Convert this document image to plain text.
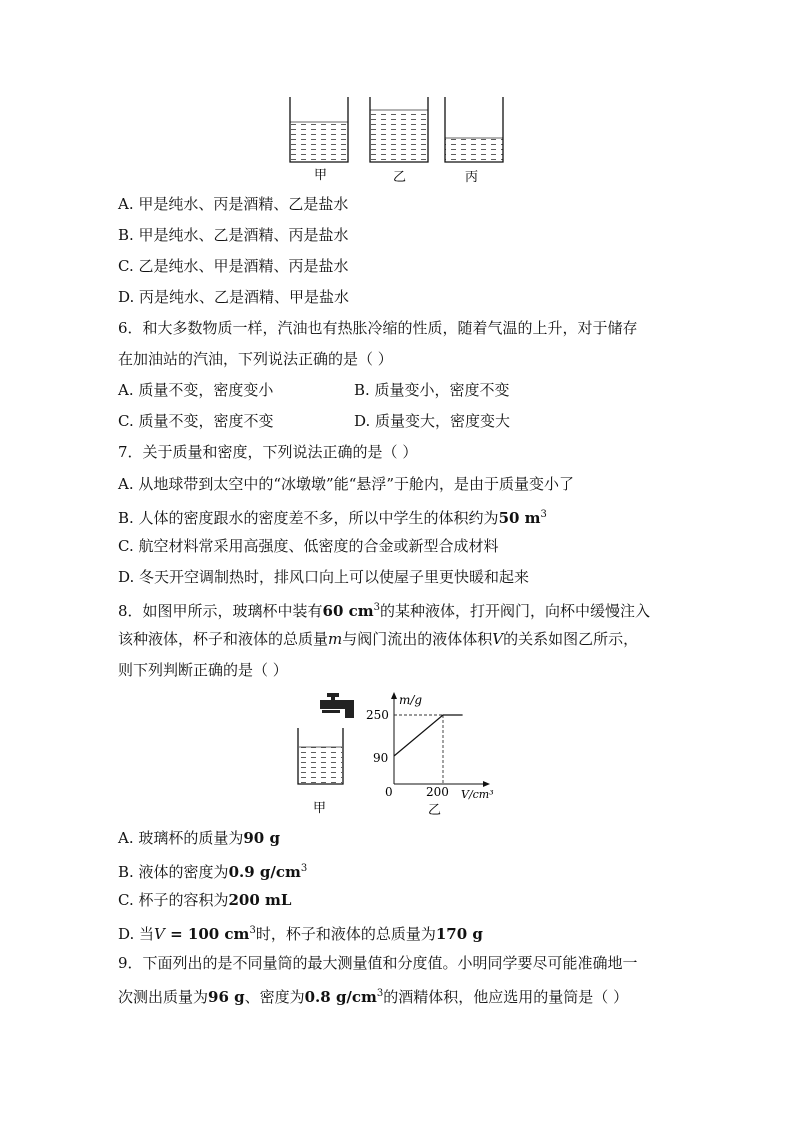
甲	乙	丙
A. 甲是纯水、丙是酒精、乙是盐水
B. 甲是纯水、乙是酒精、丙是盐水
C. 乙是纯水、甲是酒精、丙是盐水
D. 丙是纯水、乙是酒精、甲是盐水
6．和大多数物质一样，汽油也有热胀冷缩的性质，随着气温的上升，对于储存
在加油站的汽油，下列说法正确的是（ ）
A. 质量不变，密度变小	B. 质量变小，密度不变
C. 质量不变，密度不变	D. 质量变大，密度变大
7．关于质量和密度，下列说法正确的是（ ）
A. 从地球带到太空中的“冰墩墩”能“悬浮”于舱内，是由于质量变小了
B. 人体的密度跟水的密度差不多，所以中学生的体积约为50 $m^3$
C. 航空材料常采用高强度、低密度的合金或新型合成材料
D. 冬天开空调制热时，排风口向上可以使屋子里更快暖和起来
8．如图甲所示，玻璃杯中装有60 $cm^3$的某种液体，打开阀门，向杯中缓慢注入
该种液体，杯子和液体的总质量m与阀门流出的液体体积V的关系如图乙所示，
则下列判断正确的是（ ）
甲
m/g
V/cm³
0	200
90
250
乙
A. 玻璃杯的质量为90 g
B. 液体的密度为0.9 $g/cm^3$
C. 杯子的容积为200 mL
D. 当V = 100 $cm^3$时，杯子和液体的总质量为170 g
9．下面列出的是不同量筒的最大测量值和分度值。小明同学要尽可能准确地一
次测出质量为96 g、密度为0.8 $g/cm^3$的酒精体积，他应选用的量筒是（ ）
